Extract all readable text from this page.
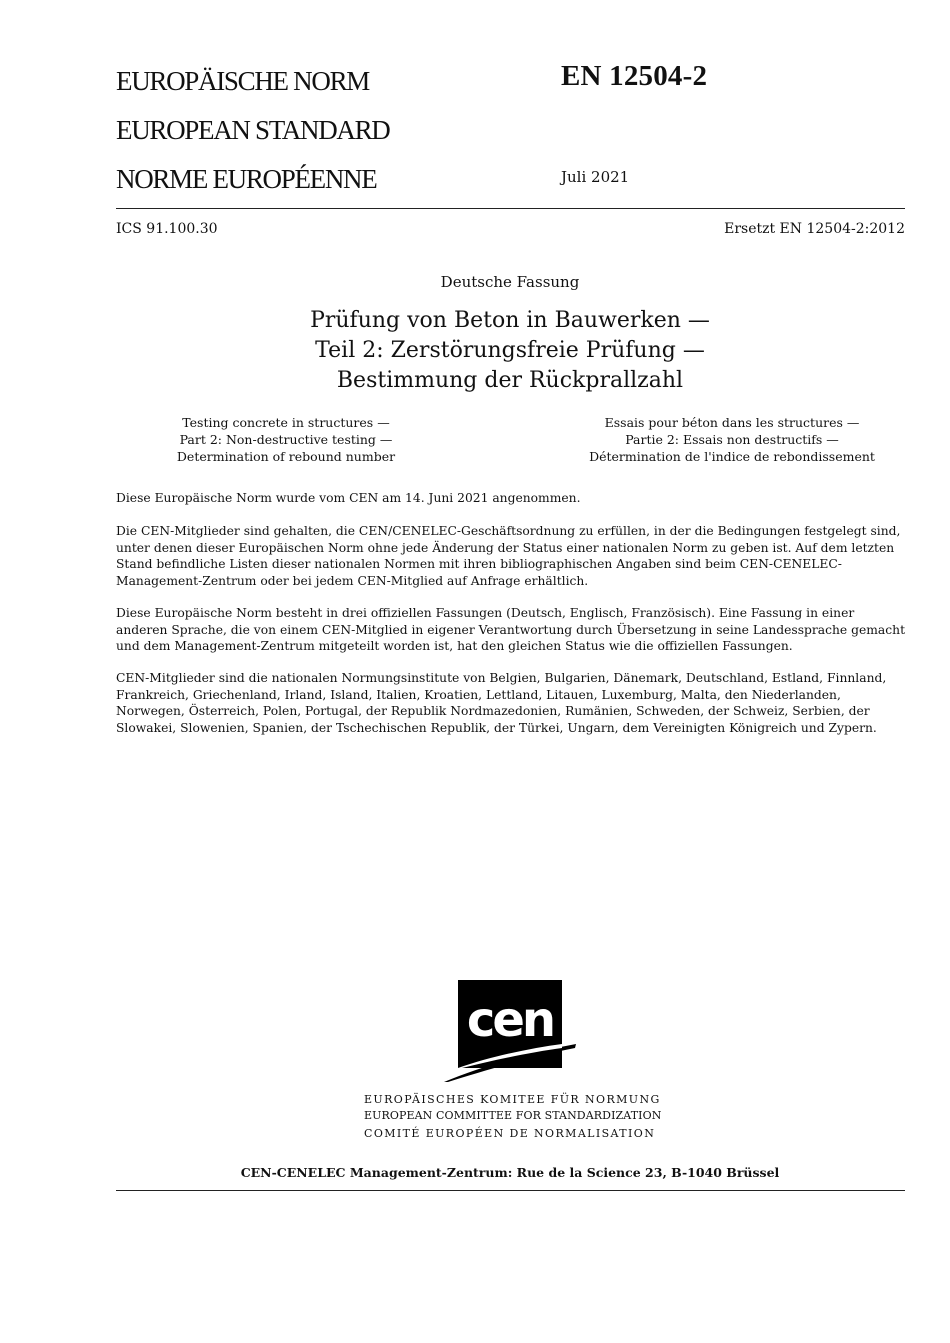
EUROPÄISCHE NORM
EUROPEAN STANDARD
NORME EUROPÉENNE
EN 12504-2
Juli 2021
ICS 91.100.30	Ersetzt EN 12504-2:2012
Deutsche Fassung
Prüfung von Beton in Bauwerken —
Teil 2: Zerstörungsfreie Prüfung —
Bestimmung der Rückprallzahl
Testing concrete in structures —
Part 2: Non-destructive testing —
Determination of rebound number
Essais pour béton dans les structures —
Partie 2: Essais non destructifs —
Détermination de l'indice de rebondissement
Diese Europäische Norm wurde vom CEN am 14. Juni 2021 angenommen.
Die CEN-Mitglieder sind gehalten, die CEN/CENELEC-Geschäftsordnung zu erfüllen, in der die Bedingungen festgelegt sind, unter denen dieser Europäischen Norm ohne jede Änderung der Status einer nationalen Norm zu geben ist. Auf dem letzten Stand befindliche Listen dieser nationalen Normen mit ihren bibliographischen Angaben sind beim CEN-CENELEC-Management-Zentrum oder bei jedem CEN-Mitglied auf Anfrage erhältlich.
Diese Europäische Norm besteht in drei offiziellen Fassungen (Deutsch, Englisch, Französisch). Eine Fassung in einer anderen Sprache, die von einem CEN-Mitglied in eigener Verantwortung durch Übersetzung in seine Landessprache gemacht und dem Management-Zentrum mitgeteilt worden ist, hat den gleichen Status wie die offiziellen Fassungen.
CEN-Mitglieder sind die nationalen Normungsinstitute von Belgien, Bulgarien, Dänemark, Deutschland, Estland, Finnland, Frankreich, Griechenland, Irland, Island, Italien, Kroatien, Lettland, Litauen, Luxemburg, Malta, den Niederlanden, Norwegen, Österreich, Polen, Portugal, der Republik Nordmazedonien, Rumänien, Schweden, der Schweiz, Serbien, der Slowakei, Slowenien, Spanien, der Tschechischen Republik, der Türkei, Ungarn, dem Vereinigten Königreich und Zypern.
cen
EUROPÄISCHES KOMITEE FÜR NORMUNG
EUROPEAN COMMITTEE FOR STANDARDIZATION
COMITÉ EUROPÉEN DE NORMALISATION
CEN-CENELEC Management-Zentrum: Rue de la Science 23, B-1040 Brüssel
